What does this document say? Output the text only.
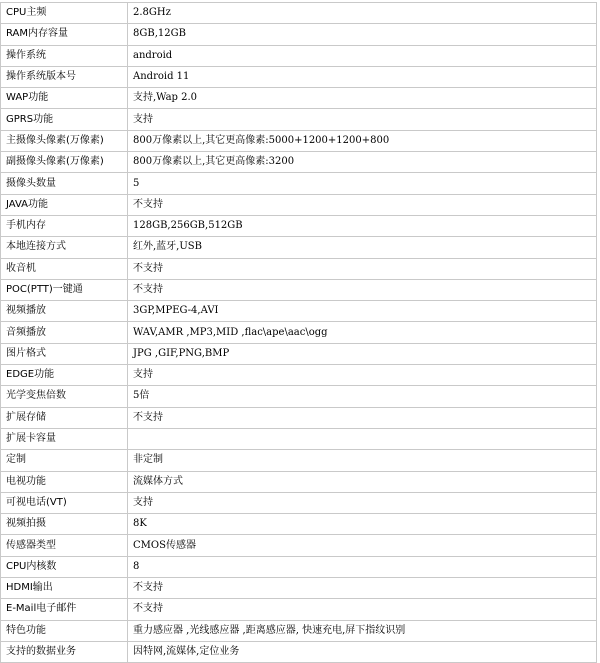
CPU主频	2.8GHz
RAM内存容量	8GB,12GB
操作系统	android
操作系统版本号	Android 11
WAP功能	支持,Wap 2.0
GPRS功能	支持
主摄像头像素(万像素)	800万像素以上,其它更高像素:5000+1200+1200+800
副摄像头像素(万像素)	800万像素以上,其它更高像素:3200
摄像头数量	5
JAVA功能	不支持
手机内存	128GB,256GB,512GB
本地连接方式	红外,蓝牙,USB
收音机	不支持
POC(PTT)一键通	不支持
视频播放	3GP,MPEG-4,AVI
音频播放	WAV,AMR ,MP3,MID ,flac\ape\aac\ogg
图片格式	JPG ,GIF,PNG,BMP
EDGE功能	支持
光学变焦倍数	5倍
扩展存储	不支持
扩展卡容量	
定制	非定制
电视功能	流媒体方式
可视电话(VT)	支持
视频拍摄	8K
传感器类型	CMOS传感器
CPU内核数	8
HDMI输出	不支持
E-Mail电子邮件	不支持
特色功能	重力感应器 ,光线感应器 ,距离感应器, 快速充电,屏下指纹识别
支持的数据业务	因特网,流媒体,定位业务
